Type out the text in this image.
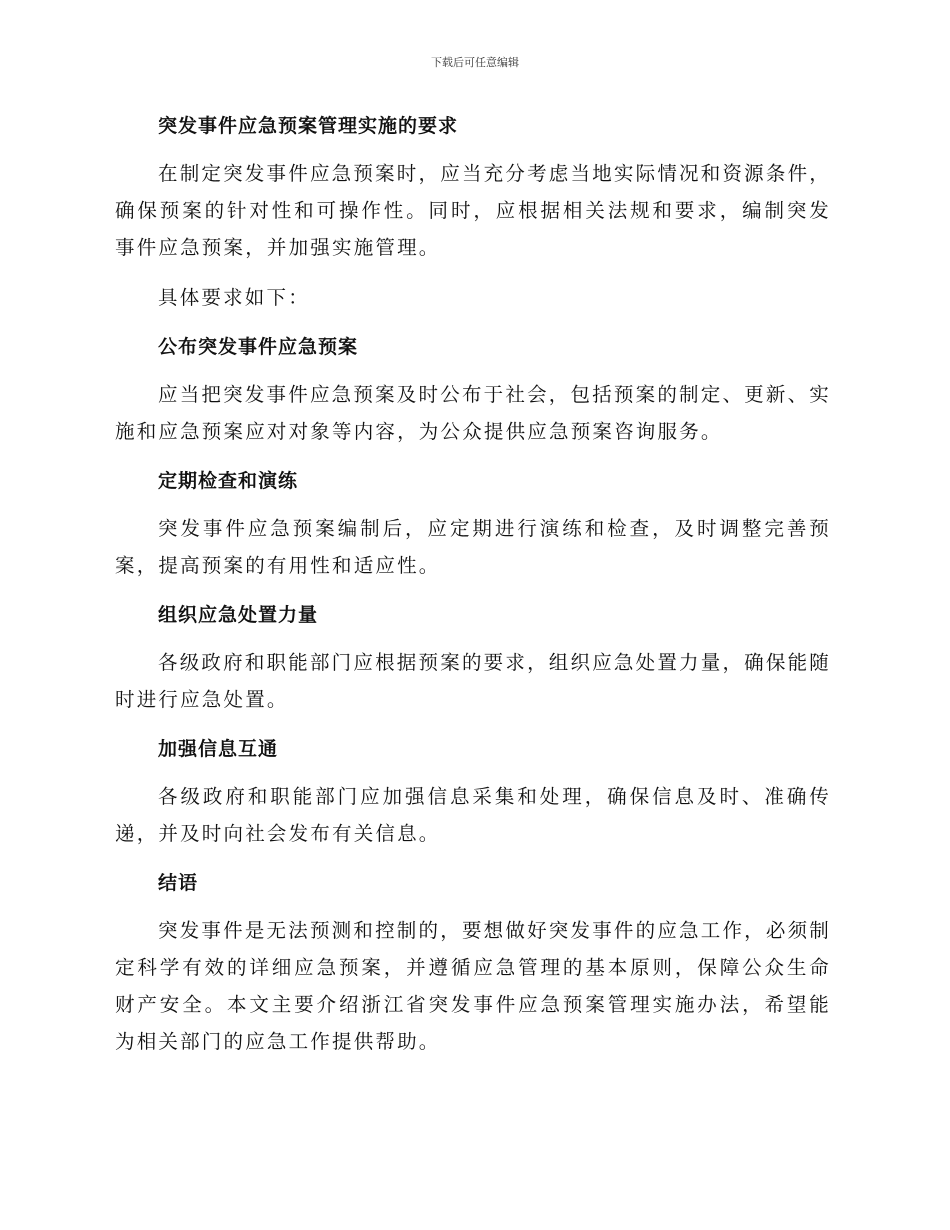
下载后可任意编辑
突发事件应急预案管理实施的要求

在制定突发事件应急预案时，应当充分考虑当地实际情况和资源条件，确保预案的针对性和可操作性。同时，应根据相关法规和要求，编制突发事件应急预案，并加强实施管理。

具体要求如下：

公布突发事件应急预案

应当把突发事件应急预案及时公布于社会，包括预案的制定、更新、实施和应急预案应对对象等内容，为公众提供应急预案咨询服务。

定期检查和演练

突发事件应急预案编制后，应定期进行演练和检查，及时调整完善预案，提高预案的有用性和适应性。

组织应急处置力量

各级政府和职能部门应根据预案的要求，组织应急处置力量，确保能随时进行应急处置。

加强信息互通

各级政府和职能部门应加强信息采集和处理，确保信息及时、准确传递，并及时向社会发布有关信息。

结语

突发事件是无法预测和控制的，要想做好突发事件的应急工作，必须制定科学有效的详细应急预案，并遵循应急管理的基本原则，保障公众生命财产安全。本文主要介绍浙江省突发事件应急预案管理实施办法，希望能为相关部门的应急工作提供帮助。
